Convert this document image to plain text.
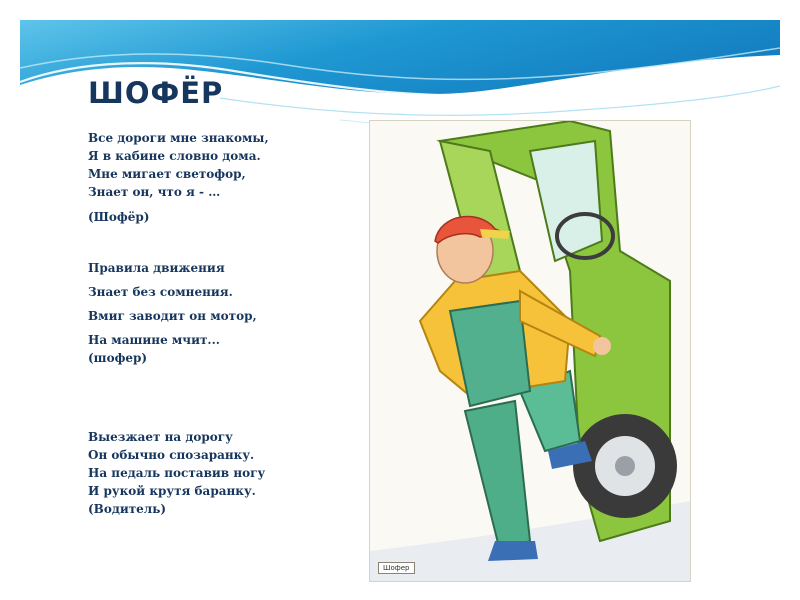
ШОФЁР

Все дороги мне знакомы,
Я в кабине словно дома.
Мне мигает светофор,
Знает он, что я - …

(Шофёр)

Правила движения

Знает без сомнения.

Вмиг заводит он мотор,

На машине мчит...
(шофер)

Выезжает на дорогу
Он обычно спозаранку.
На педаль поставив ногу
И рукой крутя баранку.
(Водитель)

Шофер
